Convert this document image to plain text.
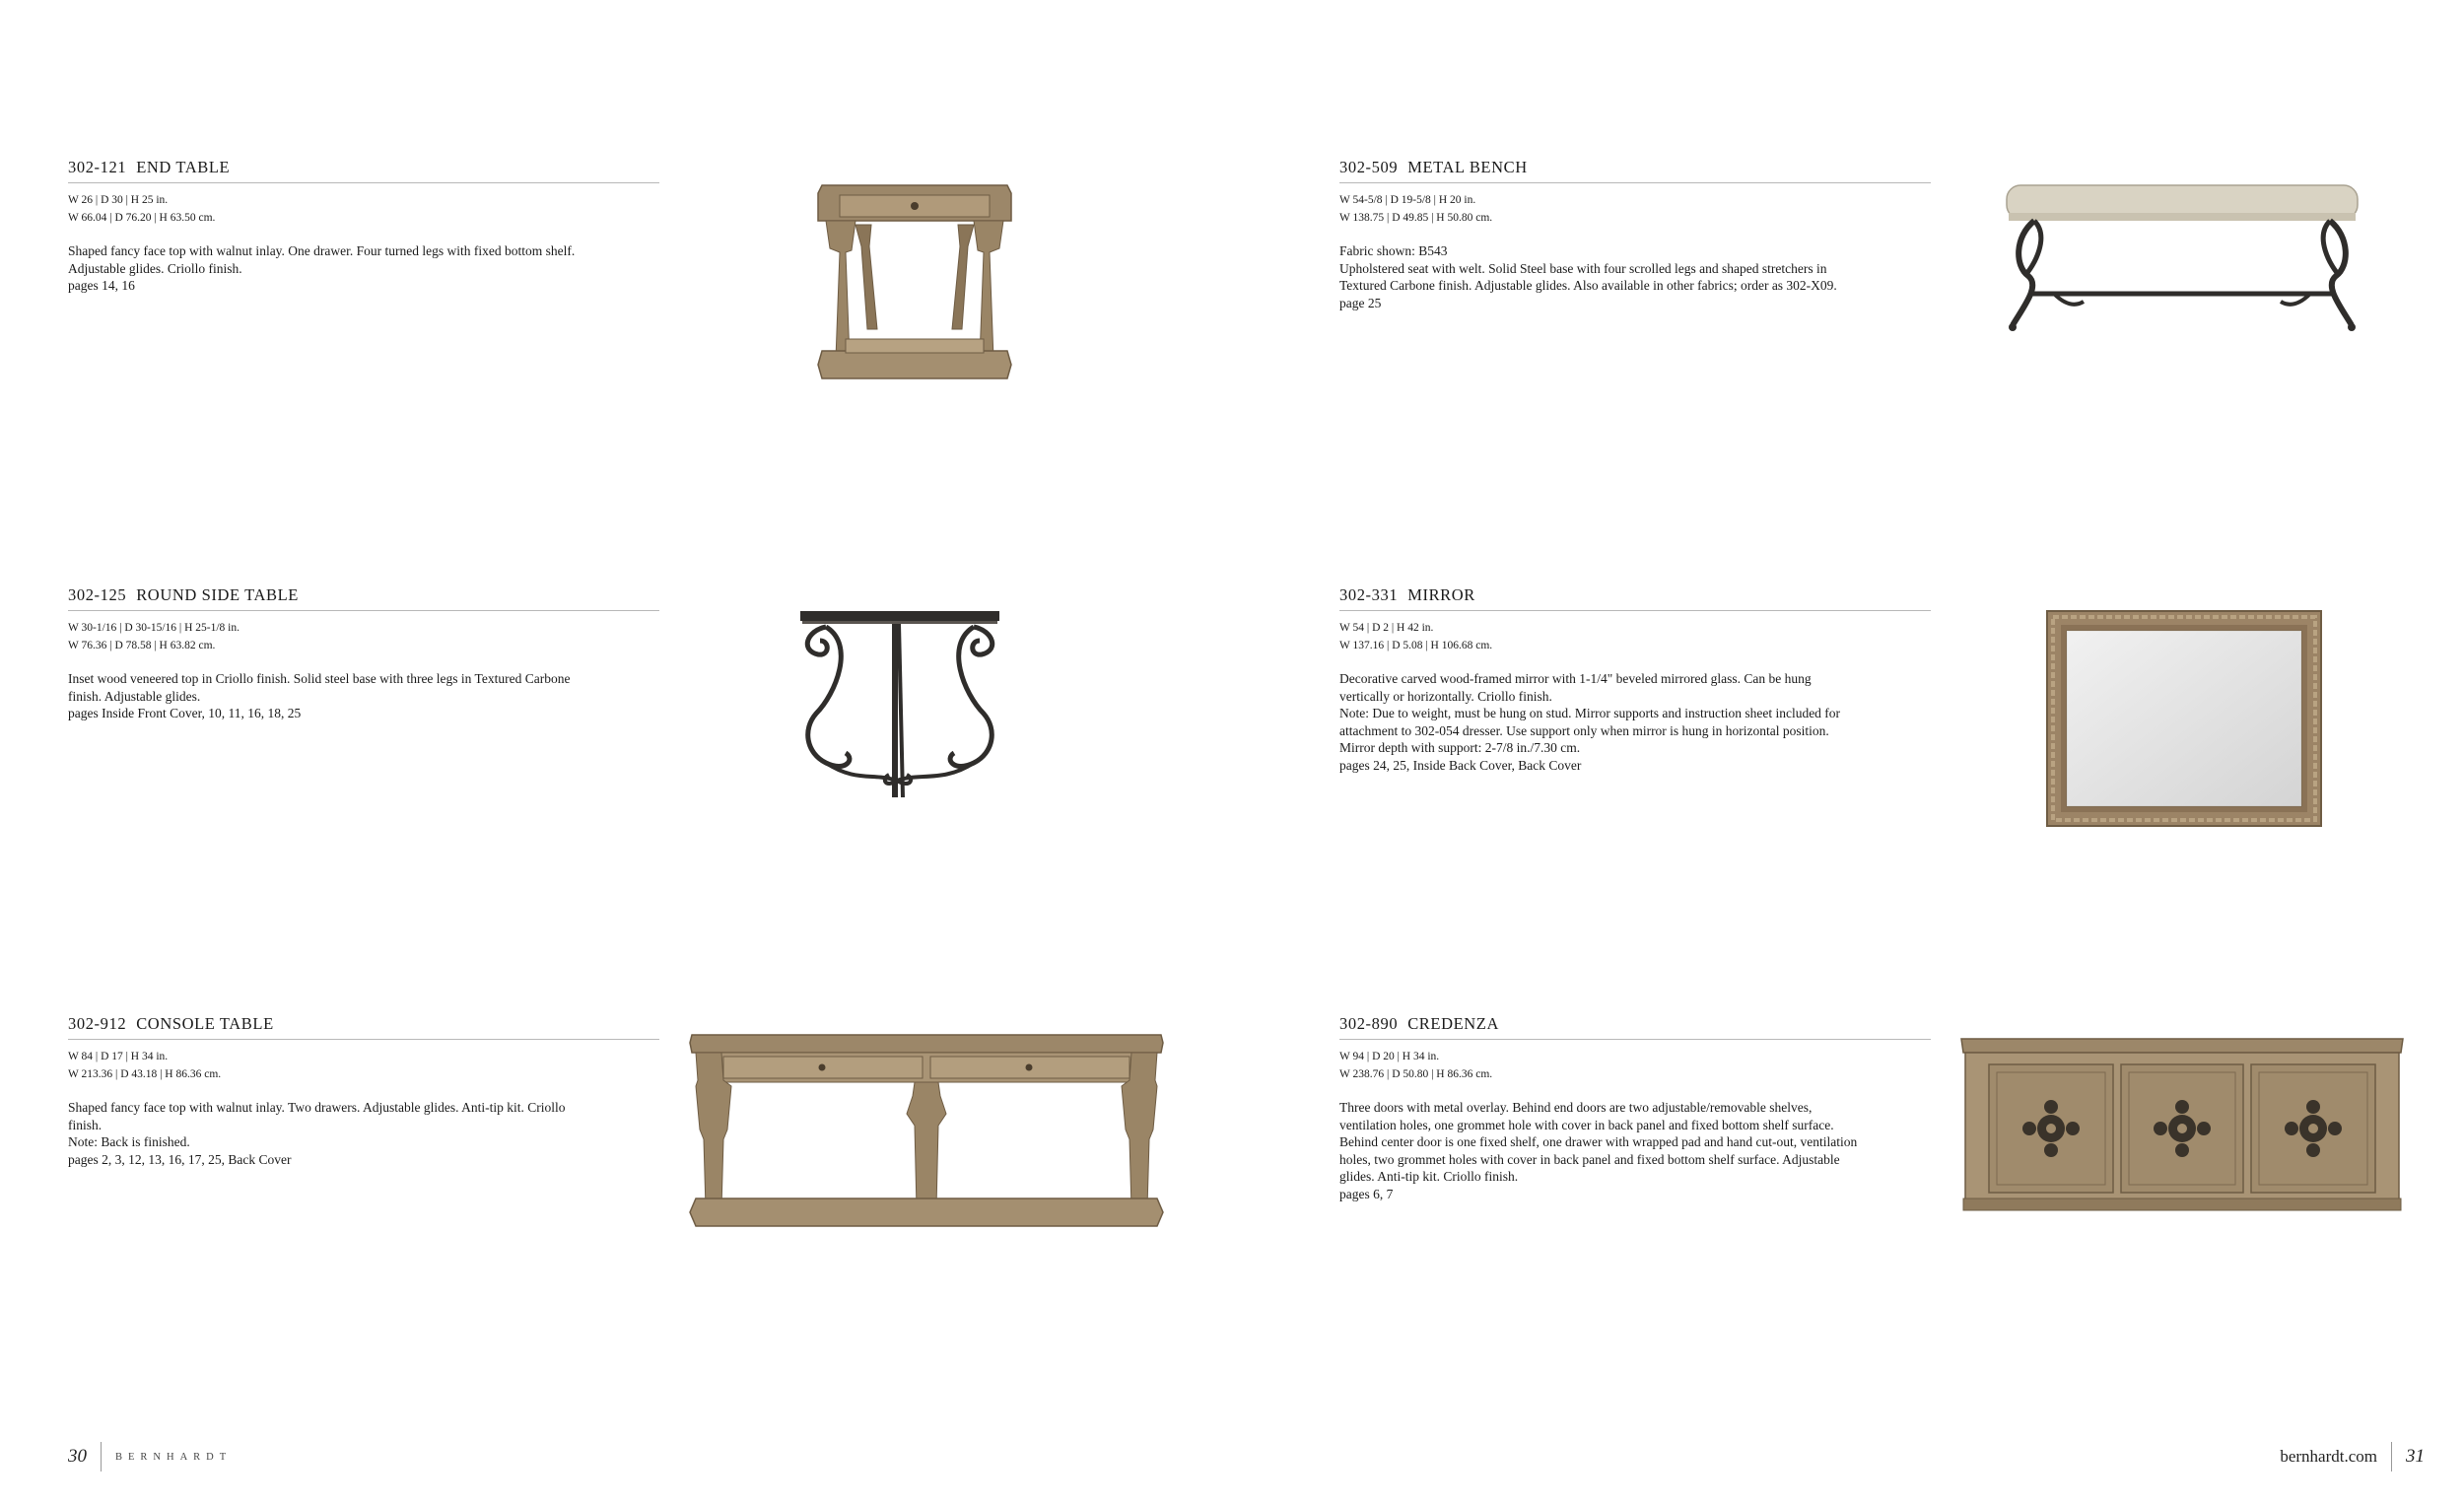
302-121 END TABLE
W 26 | D 30 | H 25 in.
W 66.04 | D 76.20 | H 63.50 cm.

Shaped fancy face top with walnut inlay. One drawer. Four turned legs with fixed bottom shelf.

Adjustable glides. Criollo finish.

pages 14, 16

302-509 METAL BENCH
W 54-5/8 | D 19-5/8 | H 20 in.
W 138.75 | D 49.85 | H 50.80 cm.

Fabric shown: B543

Upholstered seat with welt. Solid Steel base with four scrolled legs and shaped stretchers in

Textured Carbone finish. Adjustable glides. Also available in other fabrics; order as 302-X09.

page 25

302-125 ROUND SIDE TABLE
W 30-1/16 | D 30-15/16 | H 25-1/8 in.
W 76.36 | D 78.58 | H 63.82 cm.

Inset wood veneered top in Criollo finish. Solid steel base with three legs in Textured Carbone

finish. Adjustable glides.

pages Inside Front Cover, 10, 11, 16, 18, 25

302-331 MIRROR
W 54 | D 2 | H 42 in.
W 137.16 | D 5.08 | H 106.68 cm.

Decorative carved wood-framed mirror with 1-1/4" beveled mirrored glass. Can be hung

vertically or horizontally. Criollo finish.

Note: Due to weight, must be hung on stud. Mirror supports and instruction sheet included for

attachment to 302-054 dresser. Use support only when mirror is hung in horizontal position.

Mirror depth with support: 2-7/8 in./7.30 cm.

pages 24, 25, Inside Back Cover, Back Cover

302-912 CONSOLE TABLE
W 84 | D 17 | H 34 in.
W 213.36 | D 43.18 | H 86.36 cm.

Shaped fancy face top with walnut inlay. Two drawers. Adjustable glides. Anti-tip kit. Criollo

finish.

Note: Back is finished.

pages 2, 3, 12, 13, 16, 17, 25, Back Cover

302-890 CREDENZA
W 94 | D 20 | H 34 in.
W 238.76 | D 50.80 | H 86.36 cm.

Three doors with metal overlay. Behind end doors are two adjustable/removable shelves,

ventilation holes, one grommet hole with cover in back panel and fixed bottom shelf surface.

Behind center door is one fixed shelf, one drawer with wrapped pad and hand cut-out, ventilation

holes, two grommet holes with cover in back panel and fixed bottom shelf surface. Adjustable

glides. Anti-tip kit. Criollo finish.

pages 6, 7

30	BERNHARDT	bernhardt.com 31
